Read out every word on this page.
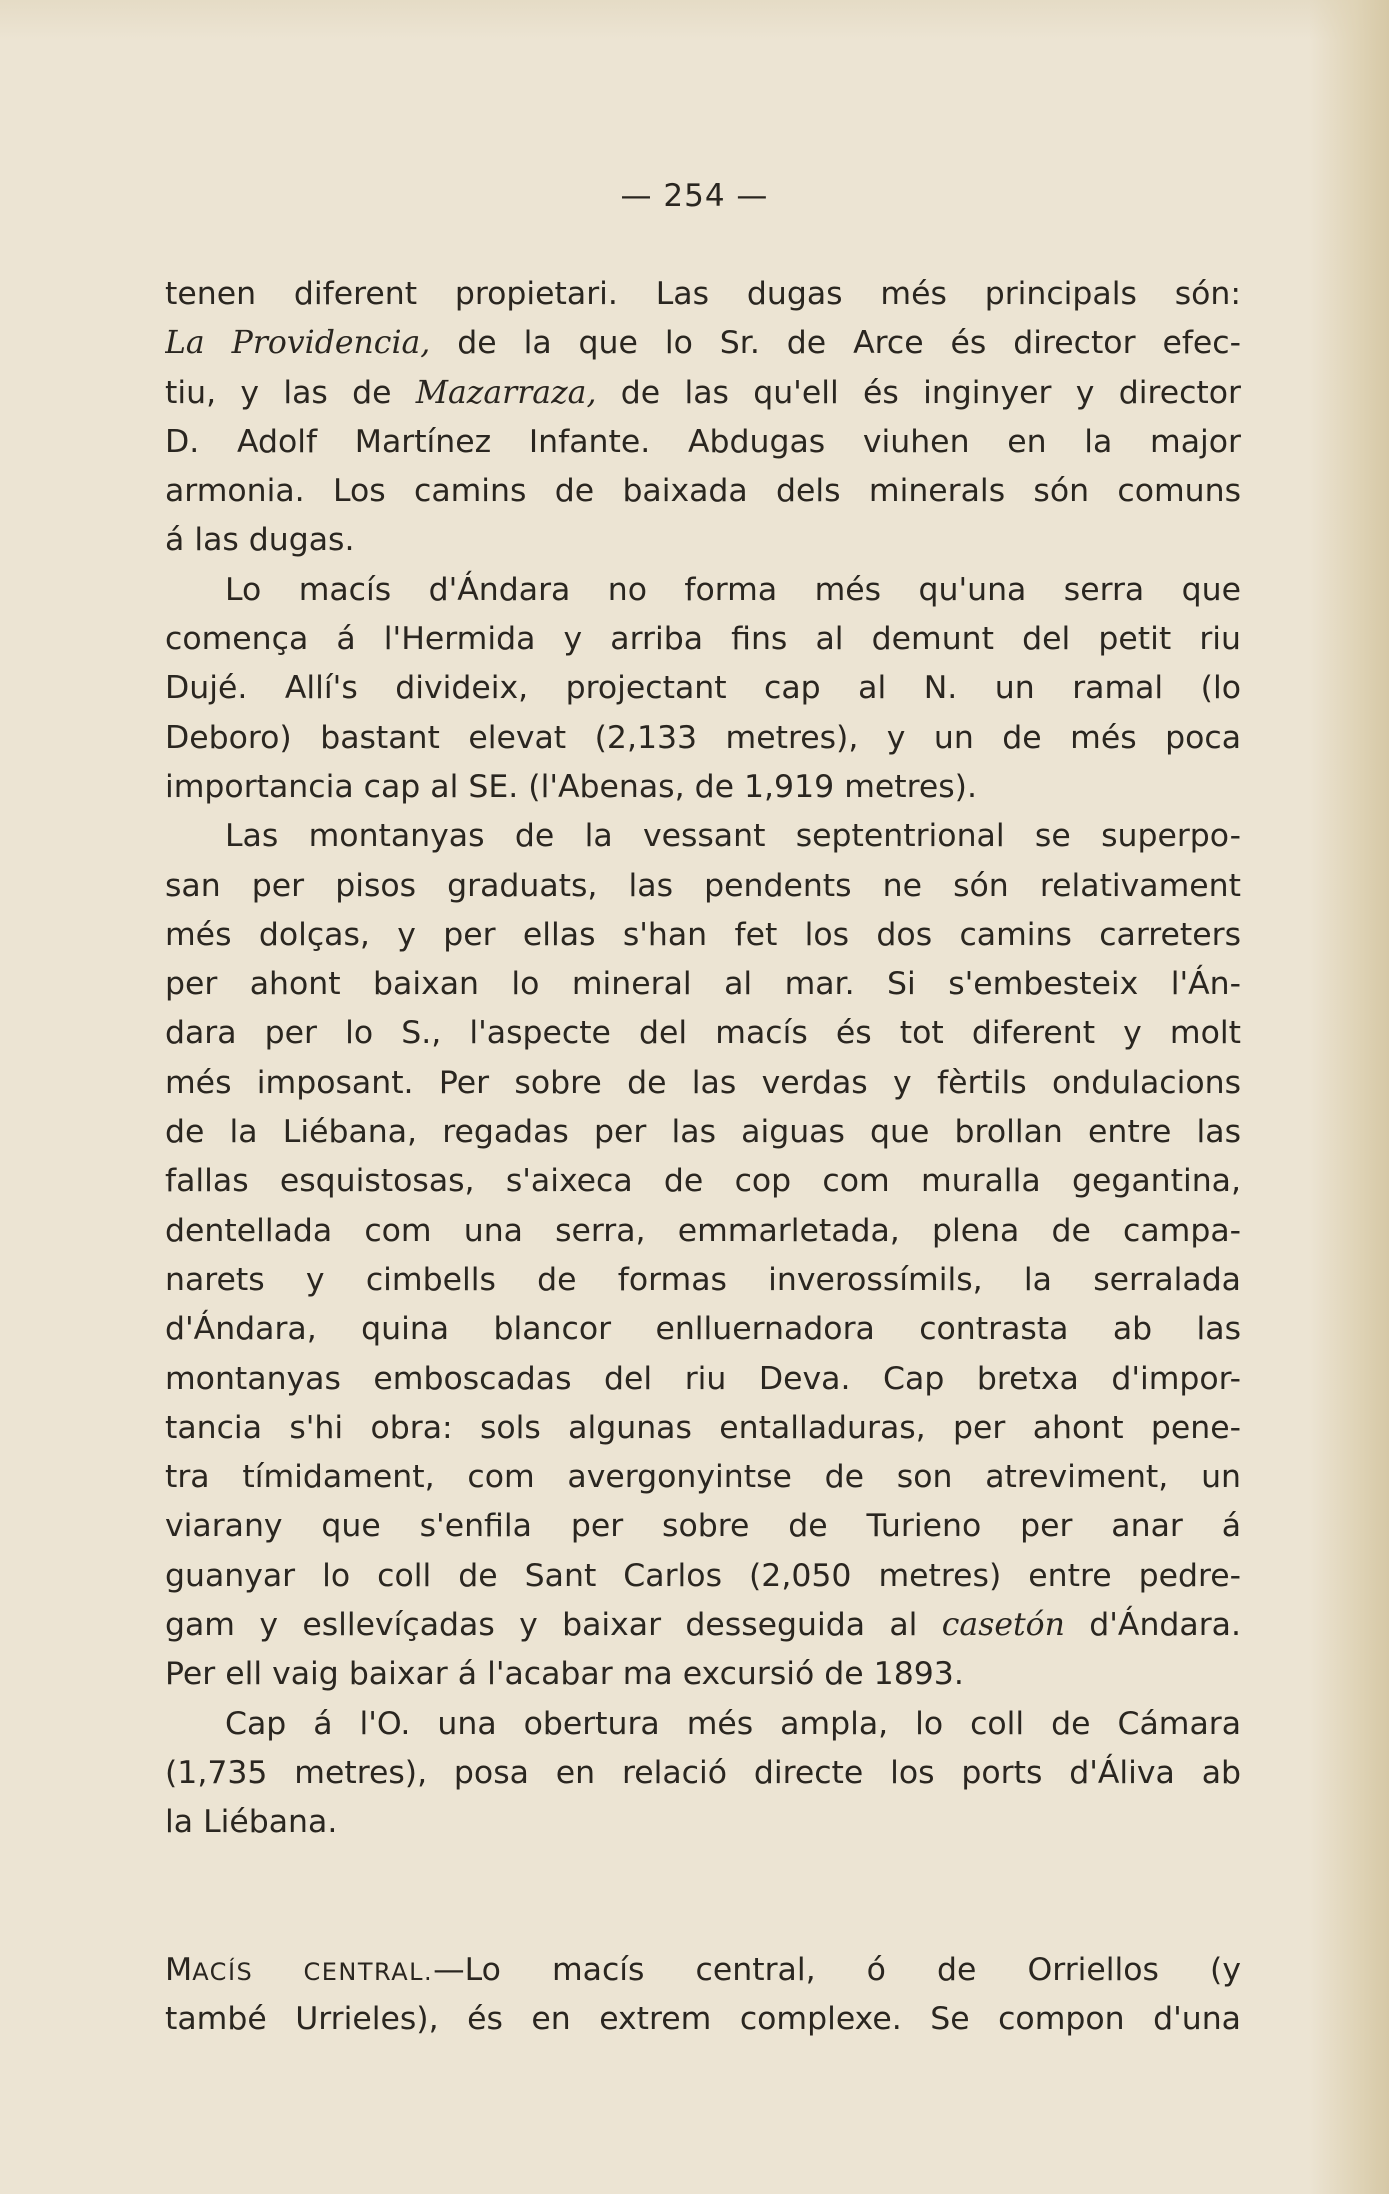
— 254 —
tenen diferent propietari. Las dugas més principals són:
La Providencia, de la que lo Sr. de Arce és director efec-
tiu, y las de Mazarraza, de las qu'ell és inginyer y director
D. Adolf Martínez Infante. Abdugas viuhen en la major
armonia. Los camins de baixada dels minerals són comuns
á las dugas.
Lo macís d'Ándara no forma més qu'una serra que
comença á l'Hermida y arriba fins al demunt del petit riu
Dujé. Allí's divideix, projectant cap al N. un ramal (lo
Deboro) bastant elevat (2,133 metres), y un de més poca
importancia cap al SE. (l'Abenas, de 1,919 metres).
Las montanyas de la vessant septentrional se superpo-
san per pisos graduats, las pendents ne són relativament
més dolças, y per ellas s'han fet los dos camins carreters
per ahont baixan lo mineral al mar. Si s'embesteix l'Án-
dara per lo S., l'aspecte del macís és tot diferent y molt
més imposant. Per sobre de las verdas y fèrtils ondulacions
de la Liébana, regadas per las aiguas que brollan entre las
fallas esquistosas, s'aixeca de cop com muralla gegantina,
dentellada com una serra, emmarletada, plena de campa-
narets y cimbells de formas inverossímils, la serralada
d'Ándara, quina blancor enlluernadora contrasta ab las
montanyas emboscadas del riu Deva. Cap bretxa d'impor-
tancia s'hi obra: sols algunas entalladuras, per ahont pene-
tra tímidament, com avergonyintse de son atreviment, un
viarany que s'enfila per sobre de Turieno per anar á
guanyar lo coll de Sant Carlos (2,050 metres) entre pedre-
gam y esllevíçadas y baixar desseguida al casetón d'Ándara.
Per ell vaig baixar á l'acabar ma excursió de 1893.
Cap á l'O. una obertura més ampla, lo coll de Cámara
(1,735 metres), posa en relació directe los ports d'Áliva ab
la Liébana.
MACÍS CENTRAL.—Lo macís central, ó de Orriellos (y
també Urrieles), és en extrem complexe. Se compon d'una
